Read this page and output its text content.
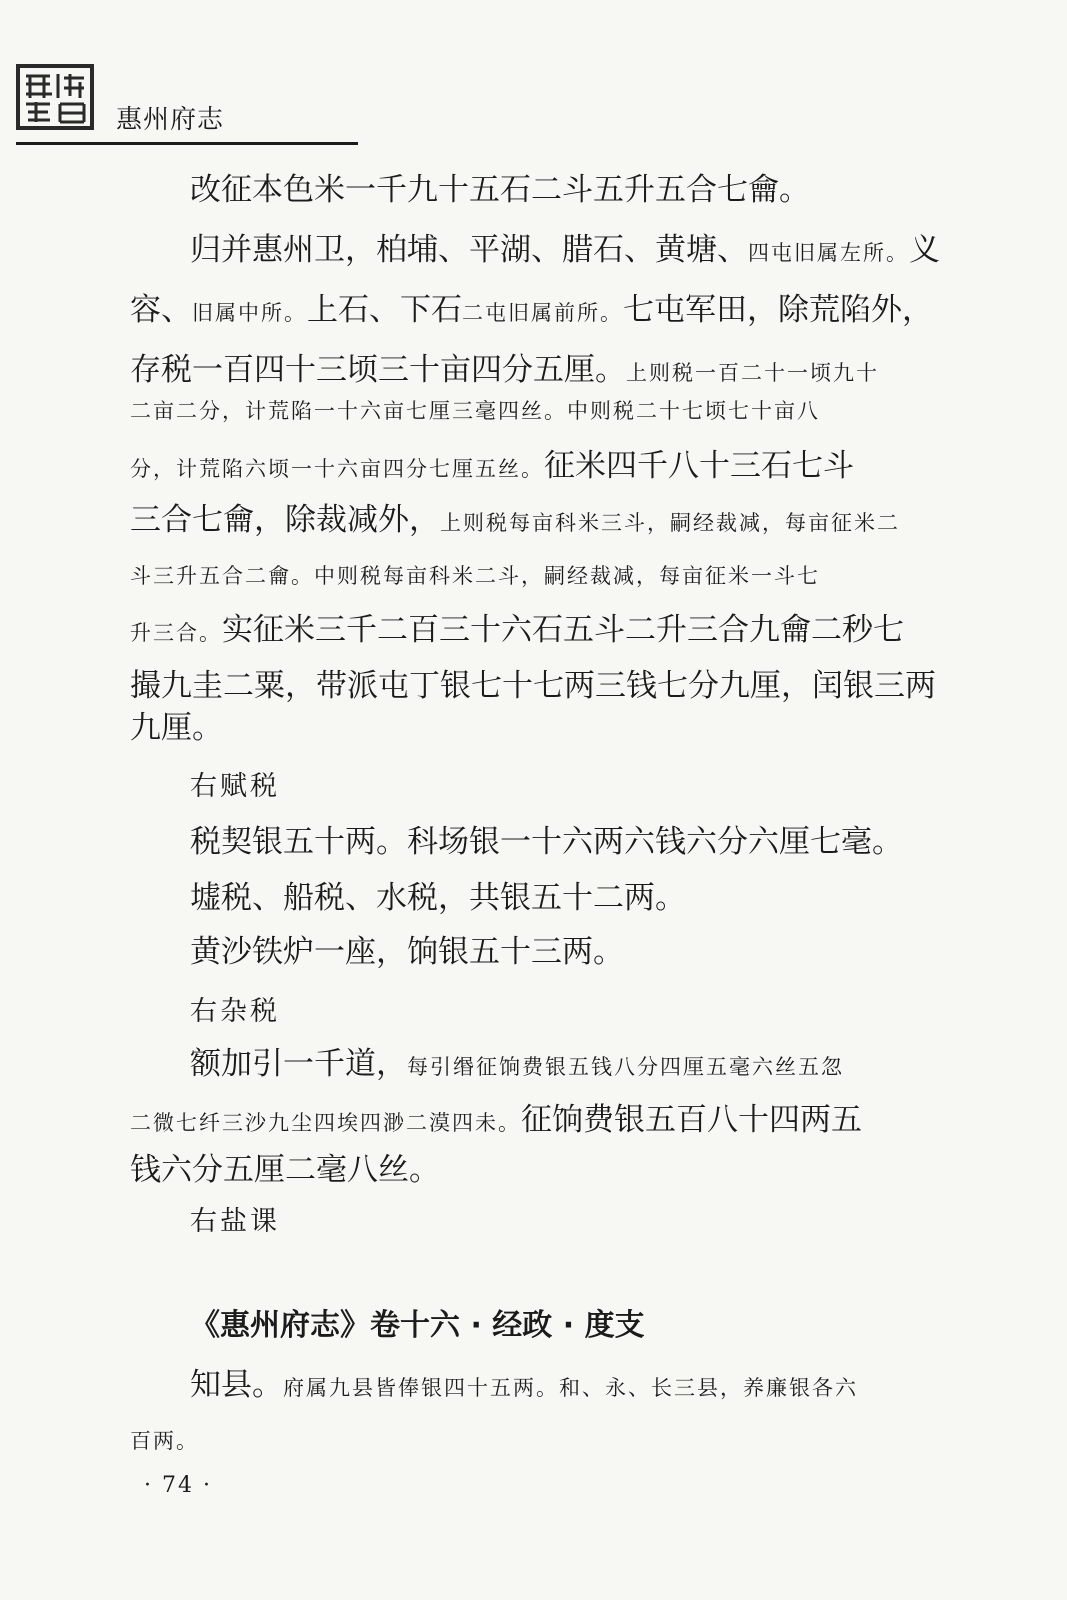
惠州府志
改征本色米一千九十五石二斗五升五合七龠。
归并惠州卫，柏埔、平湖、腊石、黄塘、四屯旧属左所。义
容、旧属中所。上石、下石二屯旧属前所。七屯军田，除荒陷外，
存税一百四十三顷三十亩四分五厘。上则税一百二十一顷九十
二亩二分，计荒陷一十六亩七厘三毫四丝。中则税二十七顷七十亩八
分，计荒陷六顷一十六亩四分七厘五丝。征米四千八十三石七斗
三合七龠，除裁减外，上则税每亩科米三斗，嗣经裁减，每亩征米二
斗三升五合二龠。中则税每亩科米二斗，嗣经裁减，每亩征米一斗七
升三合。实征米三千二百三十六石五斗二升三合九龠二秒七
撮九圭二粟，带派屯丁银七十七两三钱七分九厘，闰银三两
九厘。
右赋税
税契银五十两。科场银一十六两六钱六分六厘七毫。
墟税、船税、水税，共银五十二两。
黄沙铁炉一座，饷银五十三两。
右杂税
额加引一千道，每引缗征饷费银五钱八分四厘五毫六丝五忽
二微七纤三沙九尘四埃四渺二漠四未。征饷费银五百八十四两五
钱六分五厘二毫八丝。
右盐课
《惠州府志》卷十六 · 经政 · 度支
知县。府属九县皆俸银四十五两。和、永、长三县，养廉银各六
百两。
· 74 ·
